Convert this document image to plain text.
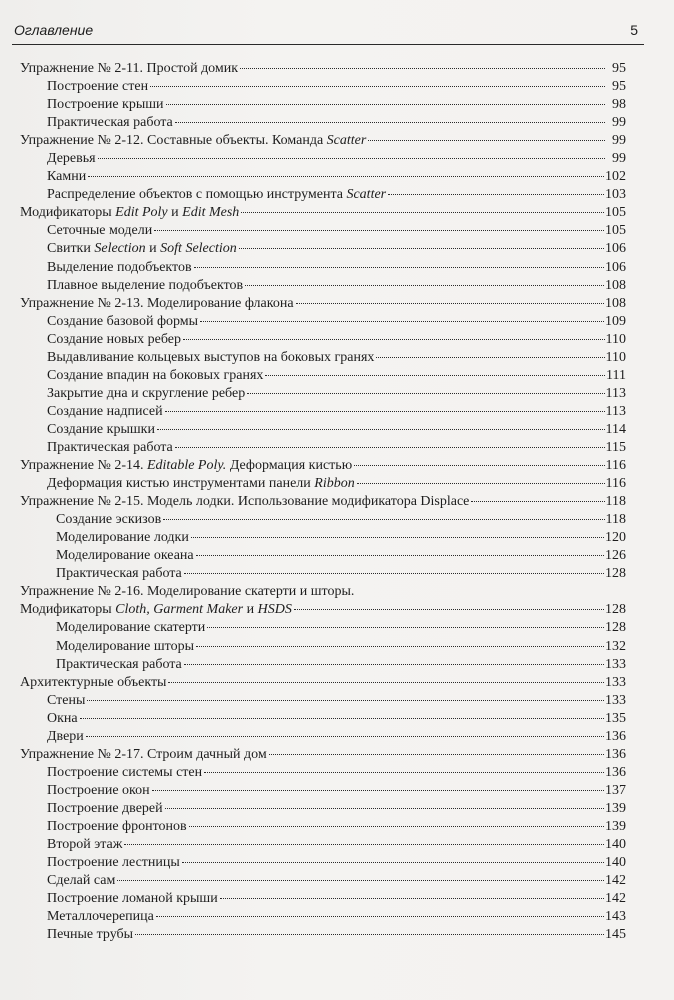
Оглавление	5
Упражнение № 2-11. Простой домик	95
Построение стен	95
Построение крыши	98
Практическая работа	99
Упражнение № 2-12. Составные объекты. Команда Scatter	99
Деревья	99
Камни	102
Распределение объектов с помощью инструмента Scatter	103
Модификаторы Edit Poly и Edit Mesh	105
Сеточные модели	105
Свитки Selection и Soft Selection	106
Выделение подобъектов	106
Плавное выделение подобъектов	108
Упражнение № 2-13. Моделирование флакона	108
Создание базовой формы	109
Создание новых ребер	110
Выдавливание кольцевых выступов на боковых гранях	110
Создание впадин на боковых гранях	111
Закрытие дна и скругление ребер	113
Создание надписей	113
Создание крышки	114
Практическая работа	115
Упражнение № 2-14. Editable Poly. Деформация кистью	116
Деформация кистью инструментами панели Ribbon	116
Упражнение № 2-15. Модель лодки. Использование модификатора Displace	118
Создание эскизов	118
Моделирование лодки	120
Моделирование океана	126
Практическая работа	128
Упражнение № 2-16. Моделирование скатерти и шторы.
Модификаторы Cloth, Garment Maker и HSDS	128
Моделирование скатерти	128
Моделирование шторы	132
Практическая работа	133
Архитектурные объекты	133
Стены	133
Окна	135
Двери	136
Упражнение № 2-17. Строим дачный дом	136
Построение системы стен	136
Построение окон	137
Построение дверей	139
Построение фронтонов	139
Второй этаж	140
Построение лестницы	140
Сделай сам	142
Построение ломаной крыши	142
Металлочерепица	143
Печные трубы	145
